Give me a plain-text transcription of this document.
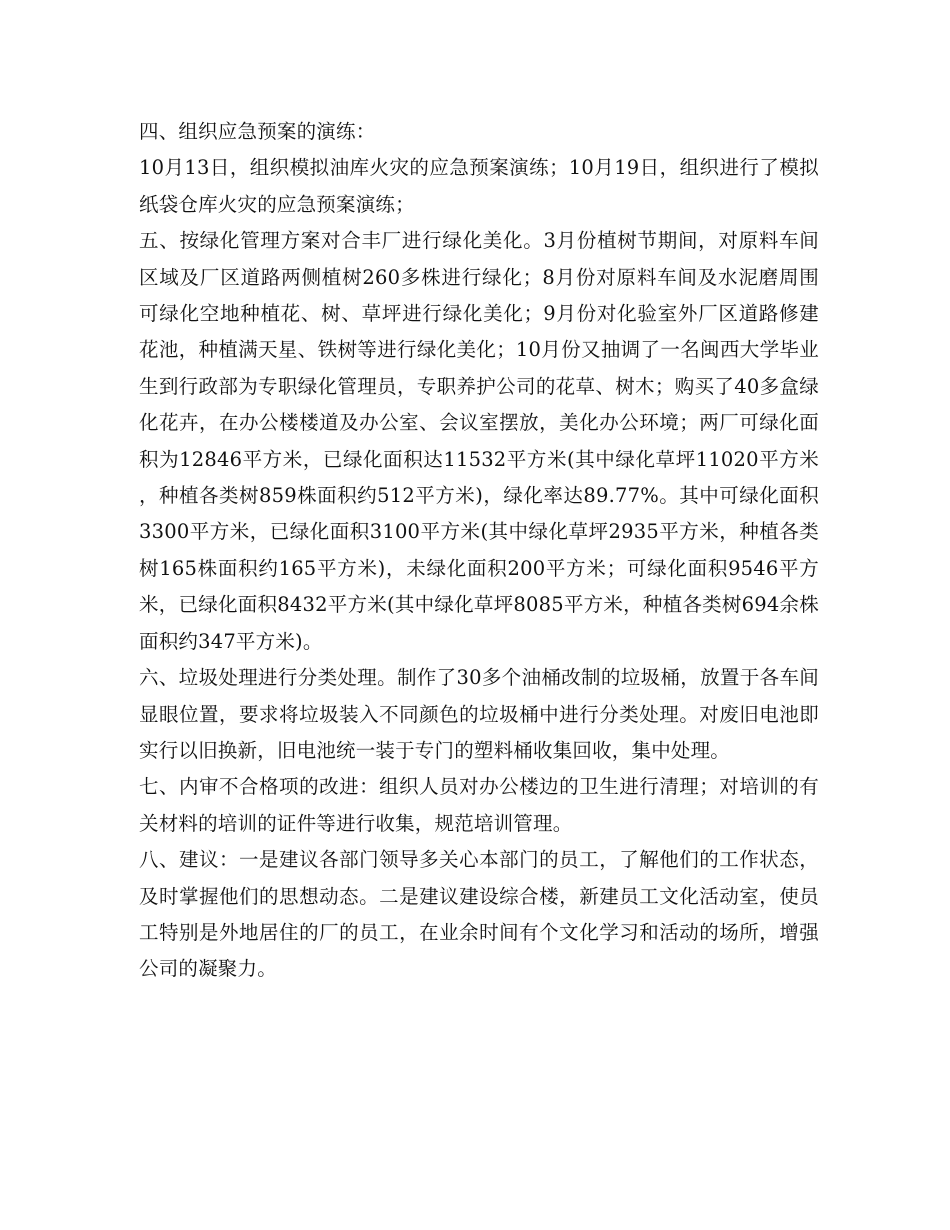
四、组织应急预案的演练：

10月13日，组织模拟油库火灾的应急预案演练；10月19日，组织进行了模拟纸袋仓库火灾的应急预案演练；

五、按绿化管理方案对合丰厂进行绿化美化。3月份植树节期间，对原料车间区域及厂区道路两侧植树260多株进行绿化；8月份对原料车间及水泥磨周围可绿化空地种植花、树、草坪进行绿化美化；9月份对化验室外厂区道路修建花池，种植满天星、铁树等进行绿化美化；10月份又抽调了一名闽西大学毕业生到行政部为专职绿化管理员，专职养护公司的花草、树木；购买了40多盒绿化花卉，在办公楼楼道及办公室、会议室摆放，美化办公环境；两厂可绿化面积为12846平方米，已绿化面积达11532平方米(其中绿化草坪11020平方米，种植各类树859株面积约512平方米)，绿化率达89.77%。其中可绿化面积3300平方米，已绿化面积3100平方米(其中绿化草坪2935平方米，种植各类树165株面积约165平方米)，未绿化面积200平方米；可绿化面积9546平方米，已绿化面积8432平方米(其中绿化草坪8085平方米，种植各类树694余株面积约347平方米)。

六、垃圾处理进行分类处理。制作了30多个油桶改制的垃圾桶，放置于各车间显眼位置，要求将垃圾装入不同颜色的垃圾桶中进行分类处理。对废旧电池即实行以旧换新，旧电池统一装于专门的塑料桶收集回收，集中处理。

七、内审不合格项的改进：组织人员对办公楼边的卫生进行清理；对培训的有关材料的培训的证件等进行收集，规范培训管理。

八、建议：一是建议各部门领导多关心本部门的员工，了解他们的工作状态，及时掌握他们的思想动态。二是建议建设综合楼，新建员工文化活动室，使员工特别是外地居住的厂的员工，在业余时间有个文化学习和活动的场所，增强公司的凝聚力。
